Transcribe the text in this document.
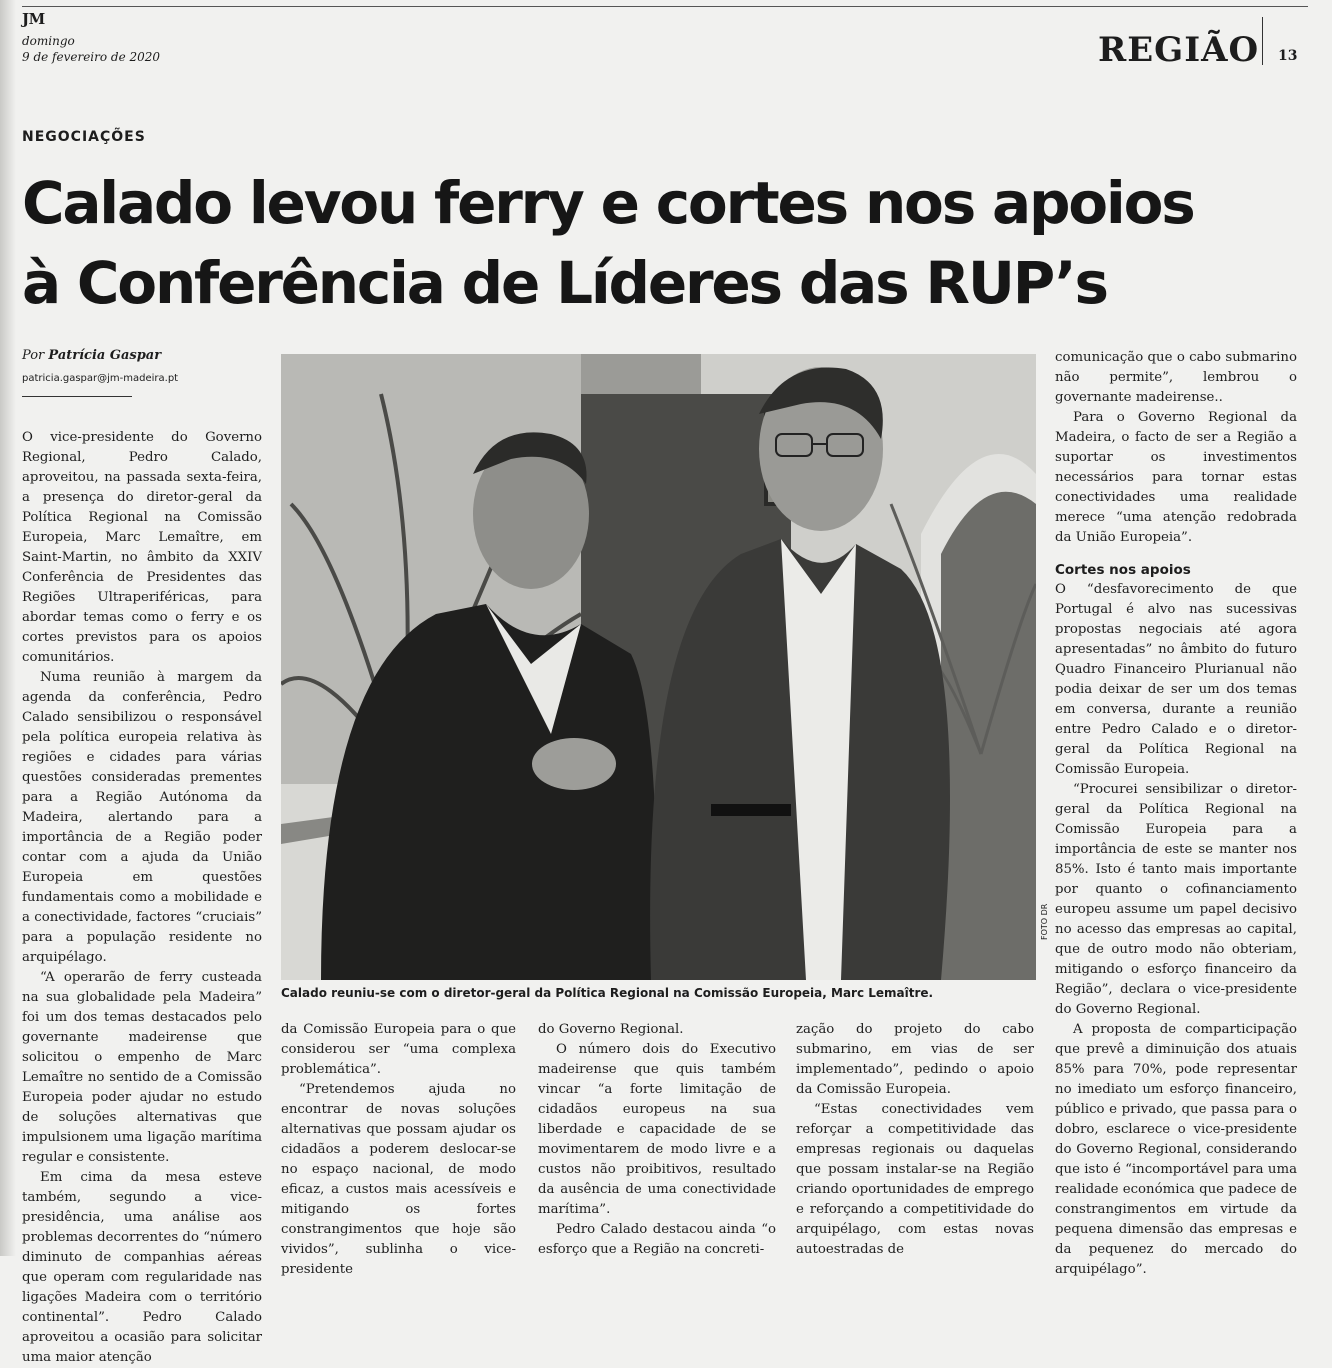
JM
domingo
9 de fevereiro de 2020	REGIÃO 13
NEGOCIAÇÕES
Calado levou ferry e cortes nos apoios
à Conferência de Líderes das RUP’s
Por Patrícia Gaspar
patricia.gaspar@jm-madeira.pt

O vice-presidente do Governo Regional, Pedro Calado, aproveitou, na passada sexta-feira, a presença do diretor-geral da Política Regional na Comissão Europeia, Marc Lemaître, em Saint-Martin, no âmbito da XXIV Conferência de Presidentes das Regiões Ultraperiféricas, para abordar temas como o ferry e os cortes previstos para os apoios comunitários.

Numa reunião à margem da agenda da conferência, Pedro Calado sensibilizou o responsável pela política europeia relativa às regiões e cidades para várias questões consideradas prementes para a Região Autónoma da Madeira, alertando para a importância de a Região poder contar com a ajuda da União Europeia em questões fundamentais como a mobilidade e a conectividade, factores “cruciais” para a população residente no arquipélago.

“A operarão de ferry custeada na sua globalidade pela Madeira” foi um dos temas destacados pelo governante madeirense que solicitou o empenho de Marc Lemaître no sentido de a Comissão Europeia poder ajudar no estudo de soluções alternativas que impulsionem uma ligação marítima regular e consistente.

Em cima da mesa esteve também, segundo a vice-presidência, uma análise aos problemas decorrentes do “número diminuto de companhias aéreas que operam com regularidade nas ligações Madeira com o território continental”. Pedro Calado aproveitou a ocasião para solicitar uma maior atenção

FOTO DR
Calado reuniu-se com o diretor-geral da Política Regional na Comissão Europeia, Marc Lemaître.

da Comissão Europeia para o que considerou ser “uma complexa problemática”.

“Pretendemos ajuda no encontrar de novas soluções alternativas que possam ajudar os cidadãos a poderem deslocar-se no espaço nacional, de modo eficaz, a custos mais acessíveis e mitigando os fortes constrangimentos que hoje são vividos”, sublinha o vice-presidente

do Governo Regional.

O número dois do Executivo madeirense que quis também vincar “a forte limitação de cidadãos europeus na sua liberdade e capacidade de se movimentarem de modo livre e a custos não proibitivos, resultado da ausência de uma conectividade marítima”.

Pedro Calado destacou ainda “o esforço que a Região na concreti-

zação do projeto do cabo submarino, em vias de ser implementado”, pedindo o apoio da Comissão Europeia.

“Estas conectividades vem reforçar a competitividade das empresas regionais ou daquelas que possam instalar-se na Região criando oportunidades de emprego e reforçando a competitividade do arquipélago, com estas novas autoestradas de

comunicação que o cabo submarino não permite”, lembrou o governante madeirense..

Para o Governo Regional da Madeira, o facto de ser a Região a suportar os investimentos necessários para tornar estas conectividades uma realidade merece “uma atenção redobrada da União Europeia”.

Cortes nos apoios

O “desfavorecimento de que Portugal é alvo nas sucessivas propostas negociais até agora apresentadas” no âmbito do futuro Quadro Financeiro Plurianual não podia deixar de ser um dos temas em conversa, durante a reunião entre Pedro Calado e o diretor-geral da Política Regional na Comissão Europeia.

“Procurei sensibilizar o diretor-geral da Política Regional na Comissão Europeia para a importância de este se manter nos 85%. Isto é tanto mais importante por quanto o cofinanciamento europeu assume um papel decisivo no acesso das empresas ao capital, que de outro modo não obteriam, mitigando o esforço financeiro da Região”, declara o vice-presidente do Governo Regional.

A proposta de comparticipação que prevê a diminuição dos atuais 85% para 70%, pode representar no imediato um esforço financeiro, público e privado, que passa para o dobro, esclarece o vice-presidente do Governo Regional, considerando que isto é “incomportável para uma realidade económica que padece de constrangimentos em virtude da pequena dimensão das empresas e da pequenez do mercado do arquipélago”.
